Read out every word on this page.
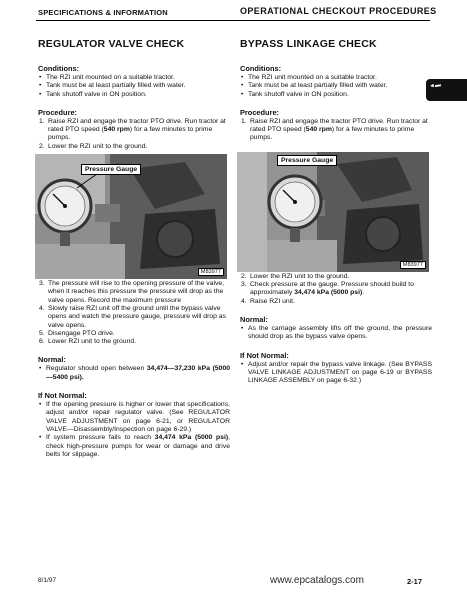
SPECIFICATIONS & INFORMATION	OPERATIONAL CHECKOUT PROCEDURES
◄▬
REGULATOR VALVE CHECK
Conditions:
• The RZI unit mounted on a suitable tractor.
• Tank must be at least partially filled with water.
• Tank shutoff valve in ON position.
Procedure:
1. Raise RZI and engage the tractor PTO drive. Run tractor at rated PTO speed (540 rpm) for a few minutes to prime pumps.
2. Lower the RZI unit to the ground.
Pressure Gauge
M83977
3. The pressure will rise to the opening pressure of the valve, when it reaches this pressure the pressure will drop as the valve opens. Record the maximum pressure
4. Slowly raise RZI unit off the ground until the bypass valve opens and watch the pressure gauge, pressure will drop as valve opens.
5. Disengage PTO drive.
6. Lower RZI unit to the ground.
Normal:
• Regulator should open between 34,474—37,230 kPa (5000—5400 psi).
If Not Normal:
• If the opening pressure is higher or lower that specifications, adjust and/or repair regulator valve. (See REGULATOR VALVE ADJUSTMENT on page 6-21, or REGULATOR VALVE—Disassembly/Inspection on page 6-29.)
• If system pressure fails to reach 34,474 kPa (5000 psi), check high-pressure pumps for wear or damage and drive belts for slippage.
BYPASS LINKAGE CHECK
Conditions:
• The RZI unit mounted on a suitable tractor.
• Tank must be at least partially filled with water.
• Tank shutoff valve in ON position.
Procedure:
1. Raise RZI and engage the tractor PTO drive. Run tractor at rated PTO speed (540 rpm) for a few minutes to prime pumps.
Pressure Gauge
M83977
2. Lower the RZI unit to the ground.
3. Check pressure at the gauge. Pressure should build to approximately 34,474 kPa (5000 psi).
4. Raise RZI unit.
Normal:
• As the carriage assembly lifts off the ground, the pressure should drop as the bypass valve opens.
If Not Normal:
• Adjust and/or repair the bypass valve linkage. (See BYPASS VALVE LINKAGE ADJUSTMENT on page 6-19 or BYPASS LINKAGE ASSEMBLY on page 6-32.)
8/1/97	www.epcatalogs.com	2-17
